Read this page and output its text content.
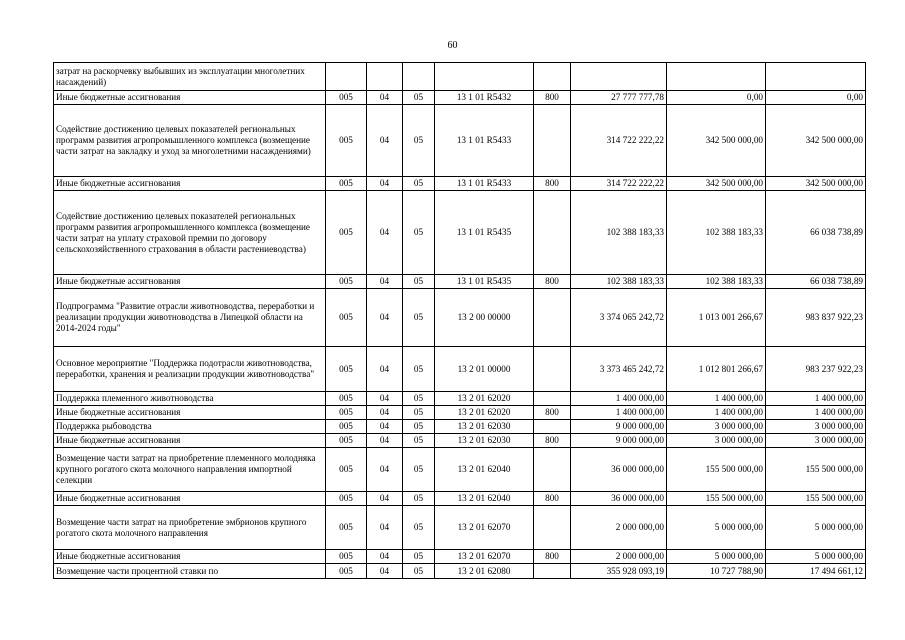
60
затрат на раскорчевку выбывших из эксплуатации многолетних насаждений)								
Иные бюджетные ассигнования	005	04	05	13 1 01 R5432	800	27 777 777,78	0,00	0,00
Содействие достижению целевых показателей региональных программ развития агропромышленного комплекса (возмещение части затрат на закладку и уход за многолетними насаждениями)	005	04	05	13 1 01 R5433		314 722 222,22	342 500 000,00	342 500 000,00
Иные бюджетные ассигнования	005	04	05	13 1 01 R5433	800	314 722 222,22	342 500 000,00	342 500 000,00
Содействие достижению целевых показателей региональных программ развития агропромышленного комплекса (возмещение части затрат на уплату страховой премии по договору сельскохозяйственного страхования в области растениеводства)	005	04	05	13 1 01 R5435		102 388 183,33	102 388 183,33	66 038 738,89
Иные бюджетные ассигнования	005	04	05	13 1 01 R5435	800	102 388 183,33	102 388 183,33	66 038 738,89
Подпрограмма "Развитие отрасли животноводства, переработки и реализации продукции животноводства в Липецкой области на 2014-2024 годы"	005	04	05	13 2 00 00000		3 374 065 242,72	1 013 001 266,67	983 837 922,23
Основное мероприятие "Поддержка подотрасли животноводства, переработки, хранения и реализации продукции животноводства"	005	04	05	13 2 01 00000		3 373 465 242,72	1 012 801 266,67	983 237 922,23
Поддержка племенного животноводства	005	04	05	13 2 01 62020		1 400 000,00	1 400 000,00	1 400 000,00
Иные бюджетные ассигнования	005	04	05	13 2 01 62020	800	1 400 000,00	1 400 000,00	1 400 000,00
Поддержка рыбоводства	005	04	05	13 2 01 62030		9 000 000,00	3 000 000,00	3 000 000,00
Иные бюджетные ассигнования	005	04	05	13 2 01 62030	800	9 000 000,00	3 000 000,00	3 000 000,00
Возмещение части затрат на приобретение племенного молодняка крупного рогатого скота молочного направления импортной селекции	005	04	05	13 2 01 62040		36 000 000,00	155 500 000,00	155 500 000,00
Иные бюджетные ассигнования	005	04	05	13 2 01 62040	800	36 000 000,00	155 500 000,00	155 500 000,00
Возмещение части затрат на приобретение эмбрионов крупного рогатого скота молочного направления	005	04	05	13 2 01 62070		2 000 000,00	5 000 000,00	5 000 000,00
Иные бюджетные ассигнования	005	04	05	13 2 01 62070	800	2 000 000,00	5 000 000,00	5 000 000,00
Возмещение части процентной ставки по	005	04	05	13 2 01 62080		355 928 093,19	10 727 788,90	17 494 661,12
